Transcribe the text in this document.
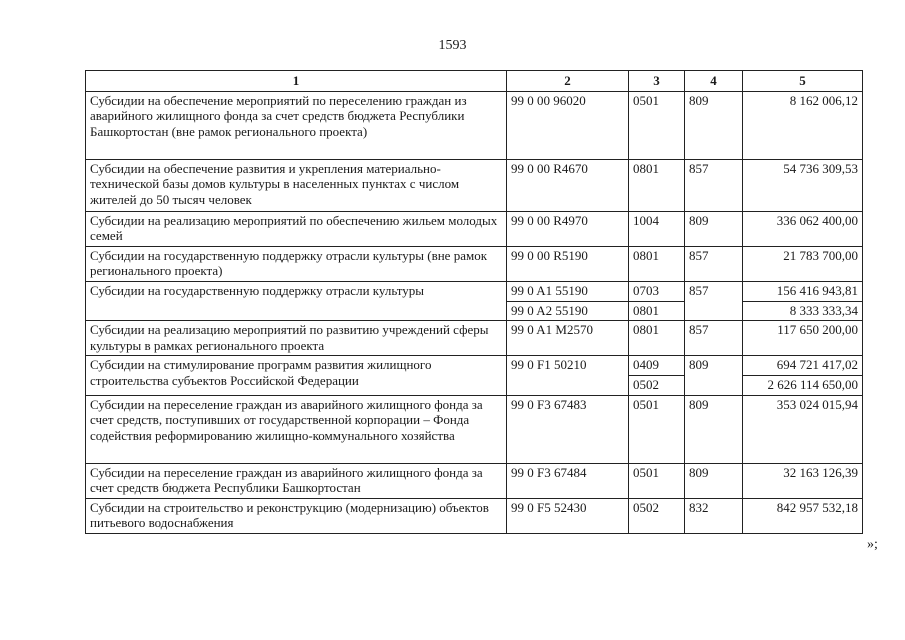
1593
1	2	3	4	5
Субсидии на обеспечение мероприятий по переселению граждан из аварийного жилищного фонда за счет средств бюджета Республики Башкортостан (вне рамок регионального проекта)	99 0 00 96020	0501	809	8 162 006,12
Субсидии на обеспечение развития и укрепления материально-технической базы домов культуры в населенных пунктах с числом жителей до 50 тысяч человек	99 0 00 R4670	0801	857	54 736 309,53
Субсидии на реализацию мероприятий по обеспечению жильем молодых семей	99 0 00 R4970	1004	809	336 062 400,00
Субсидии на государственную поддержку отрасли культуры (вне рамок регионального проекта)	99 0 00 R5190	0801	857	21 783 700,00
Субсидии на государственную поддержку отрасли культуры	99 0 A1 55190	0703	857	156 416 943,81
	99 0 A2 55190	0801		8 333 333,34
Субсидии на реализацию мероприятий по развитию учреждений сферы культуры в рамках регионального проекта	99 0 A1 M2570	0801	857	117 650 200,00
Субсидии на стимулирование программ развития жилищного строительства субъектов Российской Федерации	99 0 F1 50210	0409	809	694 721 417,02
		0502		2 626 114 650,00
Субсидии на переселение граждан из аварийного жилищного фонда за счет средств, поступивших от государственной корпорации – Фонда содействия реформированию жилищно-коммунального хозяйства	99 0 F3 67483	0501	809	353 024 015,94
Субсидии на переселение граждан из аварийного жилищного фонда за счет средств бюджета Республики Башкортостан	99 0 F3 67484	0501	809	32 163 126,39
Субсидии на строительство и реконструкцию (модернизацию) объектов питьевого водоснабжения	99 0 F5 52430	0502	832	842 957 532,18
»;
